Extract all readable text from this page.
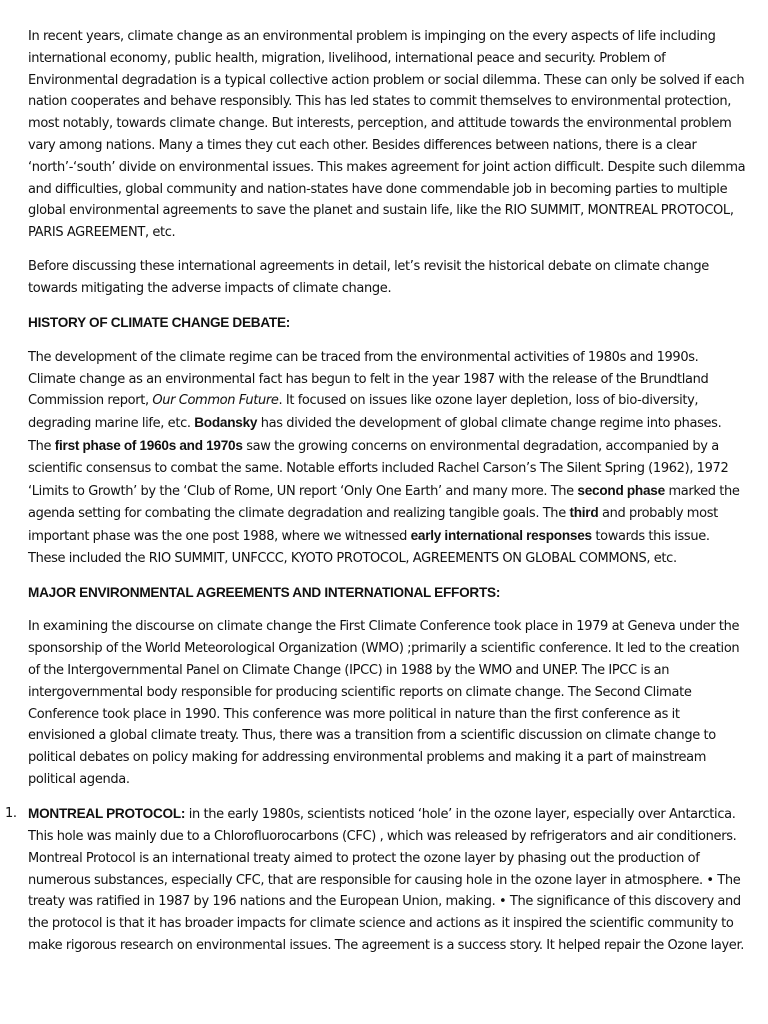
In recent years, climate change as an environmental problem is impinging on the every aspects of life including international economy, public health, migration, livelihood, international peace and security. Problem of Environmental degradation is a typical collective action problem or social dilemma. These can only be solved if each nation cooperates and behave responsibly. This has led states to commit themselves to environmental protection, most notably, towards climate change. But interests, perception, and attitude towards the environmental problem vary among nations. Many a times they cut each other. Besides differences between nations, there is a clear ‘north’-‘south’ divide on environmental issues. This makes agreement for joint action difficult. Despite such dilemma and difficulties, global community and nation-states have done commendable job in becoming parties to multiple global environmental agreements to save the planet and sustain life, like the RIO SUMMIT, MONTREAL PROTOCOL, PARIS AGREEMENT, etc.

Before discussing these international agreements in detail, let’s revisit the historical debate on climate change towards mitigating the adverse impacts of climate change.

HISTORY OF CLIMATE CHANGE DEBATE:

The development of the climate regime can be traced from the environmental activities of 1980s and 1990s. Climate change as an environmental fact has begun to felt in the year 1987 with the release of the Brundtland Commission report, Our Common Future. It focused on issues like ozone layer depletion, loss of bio-diversity, degrading marine life, etc. Bodansky has divided the development of global climate change regime into phases. The first phase of 1960s and 1970s saw the growing concerns on environmental degradation, accompanied by a scientific consensus to combat the same. Notable efforts included Rachel Carson’s The Silent Spring (1962), 1972 ‘Limits to Growth’ by the ‘Club of Rome, UN report ‘Only One Earth’ and many more. The second phase marked the agenda setting for combating the climate degradation and realizing tangible goals. The third and probably most important phase was the one post 1988, where we witnessed early international responses towards this issue. These included the RIO SUMMIT, UNFCCC, KYOTO PROTOCOL, AGREEMENTS ON GLOBAL COMMONS, etc.

MAJOR ENVIRONMENTAL AGREEMENTS AND INTERNATIONAL EFFORTS:

In examining the discourse on climate change the First Climate Conference took place in 1979 at Geneva under the sponsorship of the World Meteorological Organization (WMO) ;primarily a scientific conference. It led to the creation of the Intergovernmental Panel on Climate Change (IPCC) in 1988 by the WMO and UNEP. The IPCC is an intergovernmental body responsible for producing scientific reports on climate change. The Second Climate Conference took place in 1990. This conference was more political in nature than the first conference as it envisioned a global climate treaty. Thus, there was a transition from a scientific discussion on climate change to political debates on policy making for addressing environmental problems and making it a part of mainstream political agenda.

1. MONTREAL PROTOCOL: in the early 1980s, scientists noticed ‘hole’ in the ozone layer, especially over Antarctica. This hole was mainly due to a Chlorofluorocarbons (CFC) , which was released by refrigerators and air conditioners. Montreal Protocol is an international treaty aimed to protect the ozone layer by phasing out the production of numerous substances, especially CFC, that are responsible for causing hole in the ozone layer in atmosphere. • The treaty was ratified in 1987 by 196 nations and the European Union, making. • The significance of this discovery and the protocol is that it has broader impacts for climate science and actions as it inspired the scientific community to make rigorous research on environmental issues. The agreement is a success story. It helped repair the Ozone layer.
